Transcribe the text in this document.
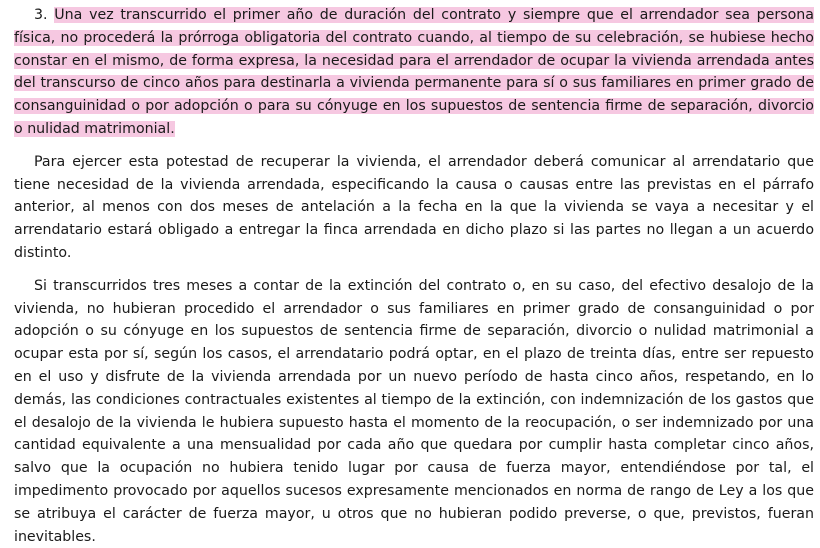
3. Una vez transcurrido el primer año de duración del contrato y siempre que el arrendador sea persona física, no procederá la prórroga obligatoria del contrato cuando, al tiempo de su celebración, se hubiese hecho constar en el mismo, de forma expresa, la necesidad para el arrendador de ocupar la vivienda arrendada antes del transcurso de cinco años para destinarla a vivienda permanente para sí o sus familiares en primer grado de consanguinidad o por adopción o para su cónyuge en los supuestos de sentencia firme de separación, divorcio o nulidad matrimonial.

Para ejercer esta potestad de recuperar la vivienda, el arrendador deberá comunicar al arrendatario que tiene necesidad de la vivienda arrendada, especificando la causa o causas entre las previstas en el párrafo anterior, al menos con dos meses de antelación a la fecha en la que la vivienda se vaya a necesitar y el arrendatario estará obligado a entregar la finca arrendada en dicho plazo si las partes no llegan a un acuerdo distinto.

Si transcurridos tres meses a contar de la extinción del contrato o, en su caso, del efectivo desalojo de la vivienda, no hubieran procedido el arrendador o sus familiares en primer grado de consanguinidad o por adopción o su cónyuge en los supuestos de sentencia firme de separación, divorcio o nulidad matrimonial a ocupar esta por sí, según los casos, el arrendatario podrá optar, en el plazo de treinta días, entre ser repuesto en el uso y disfrute de la vivienda arrendada por un nuevo período de hasta cinco años, respetando, en lo demás, las condiciones contractuales existentes al tiempo de la extinción, con indemnización de los gastos que el desalojo de la vivienda le hubiera supuesto hasta el momento de la reocupación, o ser indemnizado por una cantidad equivalente a una mensualidad por cada año que quedara por cumplir hasta completar cinco años, salvo que la ocupación no hubiera tenido lugar por causa de fuerza mayor, entendiéndose por tal, el impedimento provocado por aquellos sucesos expresamente mencionados en norma de rango de Ley a los que se atribuya el carácter de fuerza mayor, u otros que no hubieran podido preverse, o que, previstos, fueran inevitables.
